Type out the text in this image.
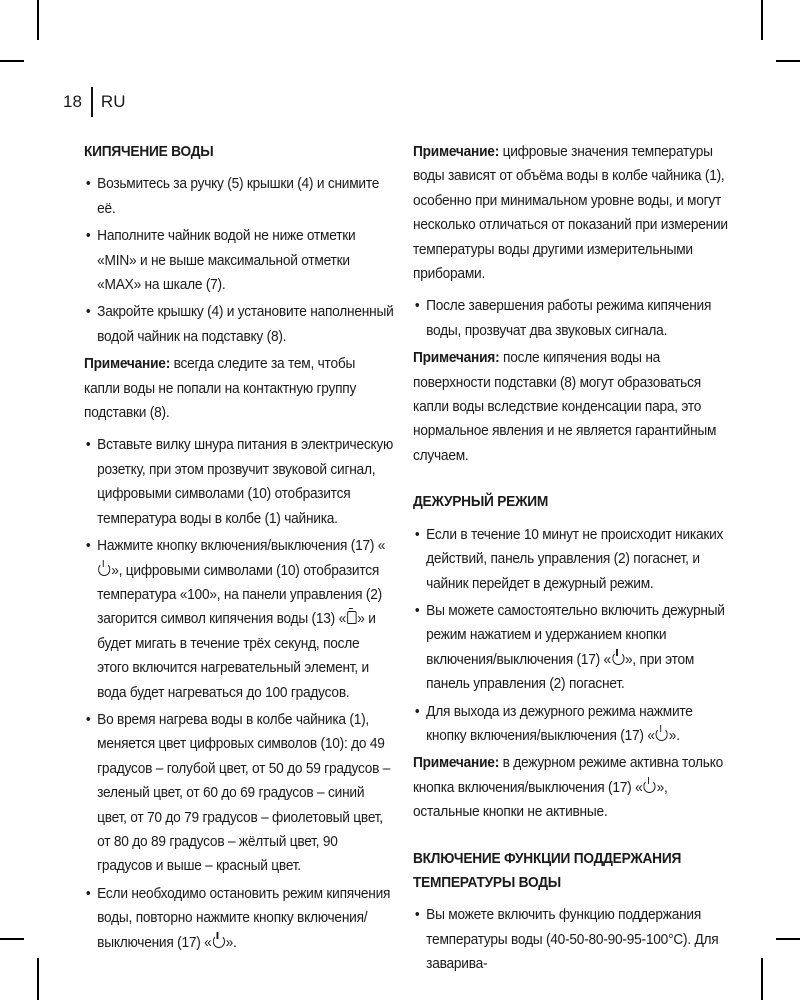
18 RU
КИПЯЧЕНИЕ ВОДЫ
• Возьмитесь за ручку (5) крышки (4) и снимите её.
• Наполните чайник водой не ниже отметки «MIN» и не выше максимальной отметки «MAX» на шкале (7).
• Закройте крышку (4) и установите наполненный водой чайник на подставку (8).
Примечание: всегда следите за тем, чтобы капли воды не попали на контактную группу подставки (8).
• Вставьте вилку шнура питания в электрическую розетку, при этом прозвучит звуковой сигнал, цифровыми символами (10) отобразится температура воды в колбе (1) чайника.
• Нажмите кнопку включения/выключения (17) «», цифровыми символами (10) отобразится температура «100», на панели управления (2) загорится символ кипячения воды (13) « » и будет мигать в течение трёх секунд, после этого включится нагревательный элемент, и вода будет нагреваться до 100 градусов.
• Во время нагрева воды в колбе чайника (1), меняется цвет цифровых символов (10): до 49 градусов – голубой цвет, от 50 до 59 градусов – зеленый цвет, от 60 до 69 градусов – синий цвет, от 70 до 79 градусов – фиолетовый цвет, от 80 до 89 градусов – жёлтый цвет, 90 градусов и выше – красный цвет.
• Если необходимо остановить режим кипячения воды, повторно нажмите кнопку включения/выключения (17) « ».
Примечание: цифровые значения температуры воды зависят от объёма воды в колбе чайника (1), особенно при минимальном уровне воды, и могут несколько отличаться от показаний при измерении температуры воды другими измерительными приборами.
• После завершения работы режима кипячения воды, прозвучат два звуковых сигнала.
Примечания: после кипячения воды на поверхности подставки (8) могут образоваться капли воды вследствие конденсации пара, это нормальное явления и не является гарантийным случаем.
ДЕЖУРНЫЙ РЕЖИМ
• Если в течение 10 минут не происходит никаких действий, панель управления (2) погаснет, и чайник перейдет в дежурный режим.
• Вы можете самостоятельно включить дежурный режим нажатием и удержанием кнопки включения/выключения (17) « », при этом панель управления (2) погаснет.
• Для выхода из дежурного режима нажмите кнопку включения/выключения (17) « ».
Примечание: в дежурном режиме активна только кнопка включения/выключения (17) « », остальные кнопки не активные.
ВКЛЮЧЕНИЕ ФУНКЦИИ ПОДДЕРЖАНИЯ ТЕМПЕРАТУРЫ ВОДЫ
• Вы можете включить функцию поддержания температуры воды (40-50-80-90-95-100°C). Для заварива-
